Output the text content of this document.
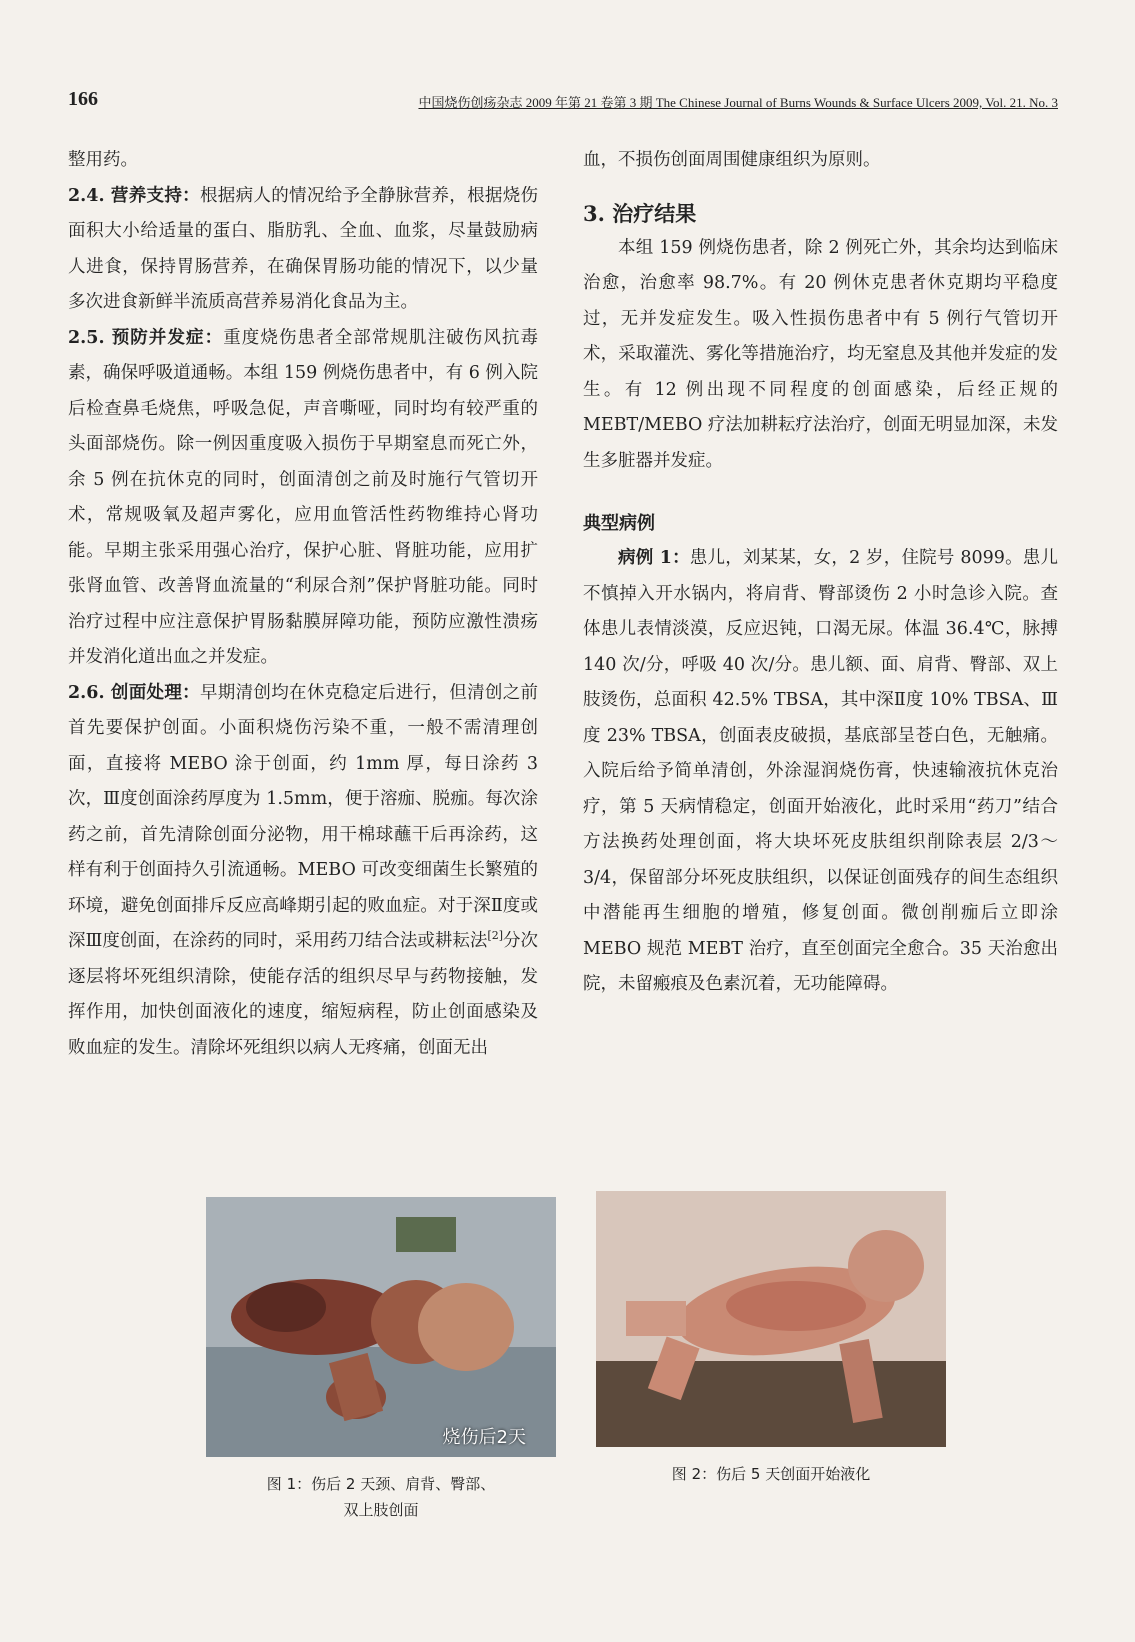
166	中国烧伤创疡杂志 2009 年第 21 卷第 3 期 The Chinese Journal of Burns Wounds & Surface Ulcers 2009, Vol. 21. No. 3

整用药。

2.4. 营养支持：根据病人的情况给予全静脉营养，根据烧伤面积大小给适量的蛋白、脂肪乳、全血、血浆，尽量鼓励病人进食，保持胃肠营养，在确保胃肠功能的情况下，以少量多次进食新鲜半流质高营养易消化食品为主。

2.5. 预防并发症：重度烧伤患者全部常规肌注破伤风抗毒素，确保呼吸道通畅。本组 159 例烧伤患者中，有 6 例入院后检查鼻毛烧焦，呼吸急促，声音嘶哑，同时均有较严重的头面部烧伤。除一例因重度吸入损伤于早期窒息而死亡外，余 5 例在抗休克的同时，创面清创之前及时施行气管切开术，常规吸氧及超声雾化，应用血管活性药物维持心肾功能。早期主张采用强心治疗，保护心脏、肾脏功能，应用扩张肾血管、改善肾血流量的“利尿合剂”保护肾脏功能。同时治疗过程中应注意保护胃肠黏膜屏障功能，预防应激性溃疡并发消化道出血之并发症。

2.6. 创面处理：早期清创均在休克稳定后进行，但清创之前首先要保护创面。小面积烧伤污染不重，一般不需清理创面，直接将 MEBO 涂于创面，约 1mm 厚，每日涂药 3 次，Ⅲ度创面涂药厚度为 1.5mm，便于溶痂、脱痂。每次涂药之前，首先清除创面分泌物，用干棉球蘸干后再涂药，这样有利于创面持久引流通畅。MEBO 可改变细菌生长繁殖的环境，避免创面排斥反应高峰期引起的败血症。对于深Ⅱ度或深Ⅲ度创面，在涂药的同时，采用药刀结合法或耕耘法[2]分次逐层将坏死组织清除，使能存活的组织尽早与药物接触，发挥作用，加快创面液化的速度，缩短病程，防止创面感染及败血症的发生。清除坏死组织以病人无疼痛，创面无出

血，不损伤创面周围健康组织为原则。

3. 治疗结果

本组 159 例烧伤患者，除 2 例死亡外，其余均达到临床治愈，治愈率 98.7%。有 20 例休克患者休克期均平稳度过，无并发症发生。吸入性损伤患者中有 5 例行气管切开术，采取灌洗、雾化等措施治疗，均无窒息及其他并发症的发生。有 12 例出现不同程度的创面感染，后经正规的 MEBT/MEBO 疗法加耕耘疗法治疗，创面无明显加深，未发生多脏器并发症。

典型病例

病例 1：患儿，刘某某，女，2 岁，住院号 8099。患儿不慎掉入开水锅内，将肩背、臀部烫伤 2 小时急诊入院。查体患儿表情淡漠，反应迟钝，口渴无尿。体温 36.4℃，脉搏 140 次/分，呼吸 40 次/分。患儿额、面、肩背、臀部、双上肢烫伤，总面积 42.5% TBSA，其中深Ⅱ度 10% TBSA、Ⅲ度 23% TBSA，创面表皮破损，基底部呈苍白色，无触痛。入院后给予简单清创，外涂湿润烧伤膏，快速输液抗休克治疗，第 5 天病情稳定，创面开始液化，此时采用“药刀”结合方法换药处理创面，将大块坏死皮肤组织削除表层 2/3～3/4，保留部分坏死皮肤组织，以保证创面残存的间生态组织中潜能再生细胞的增殖，修复创面。微创削痂后立即涂 MEBO 规范 MEBT 治疗，直至创面完全愈合。35 天治愈出院，未留瘢痕及色素沉着，无功能障碍。

烧伤后2天
图 1：伤后 2 天颈、肩背、臀部、
双上肢创面
图 2：伤后 5 天创面开始液化
